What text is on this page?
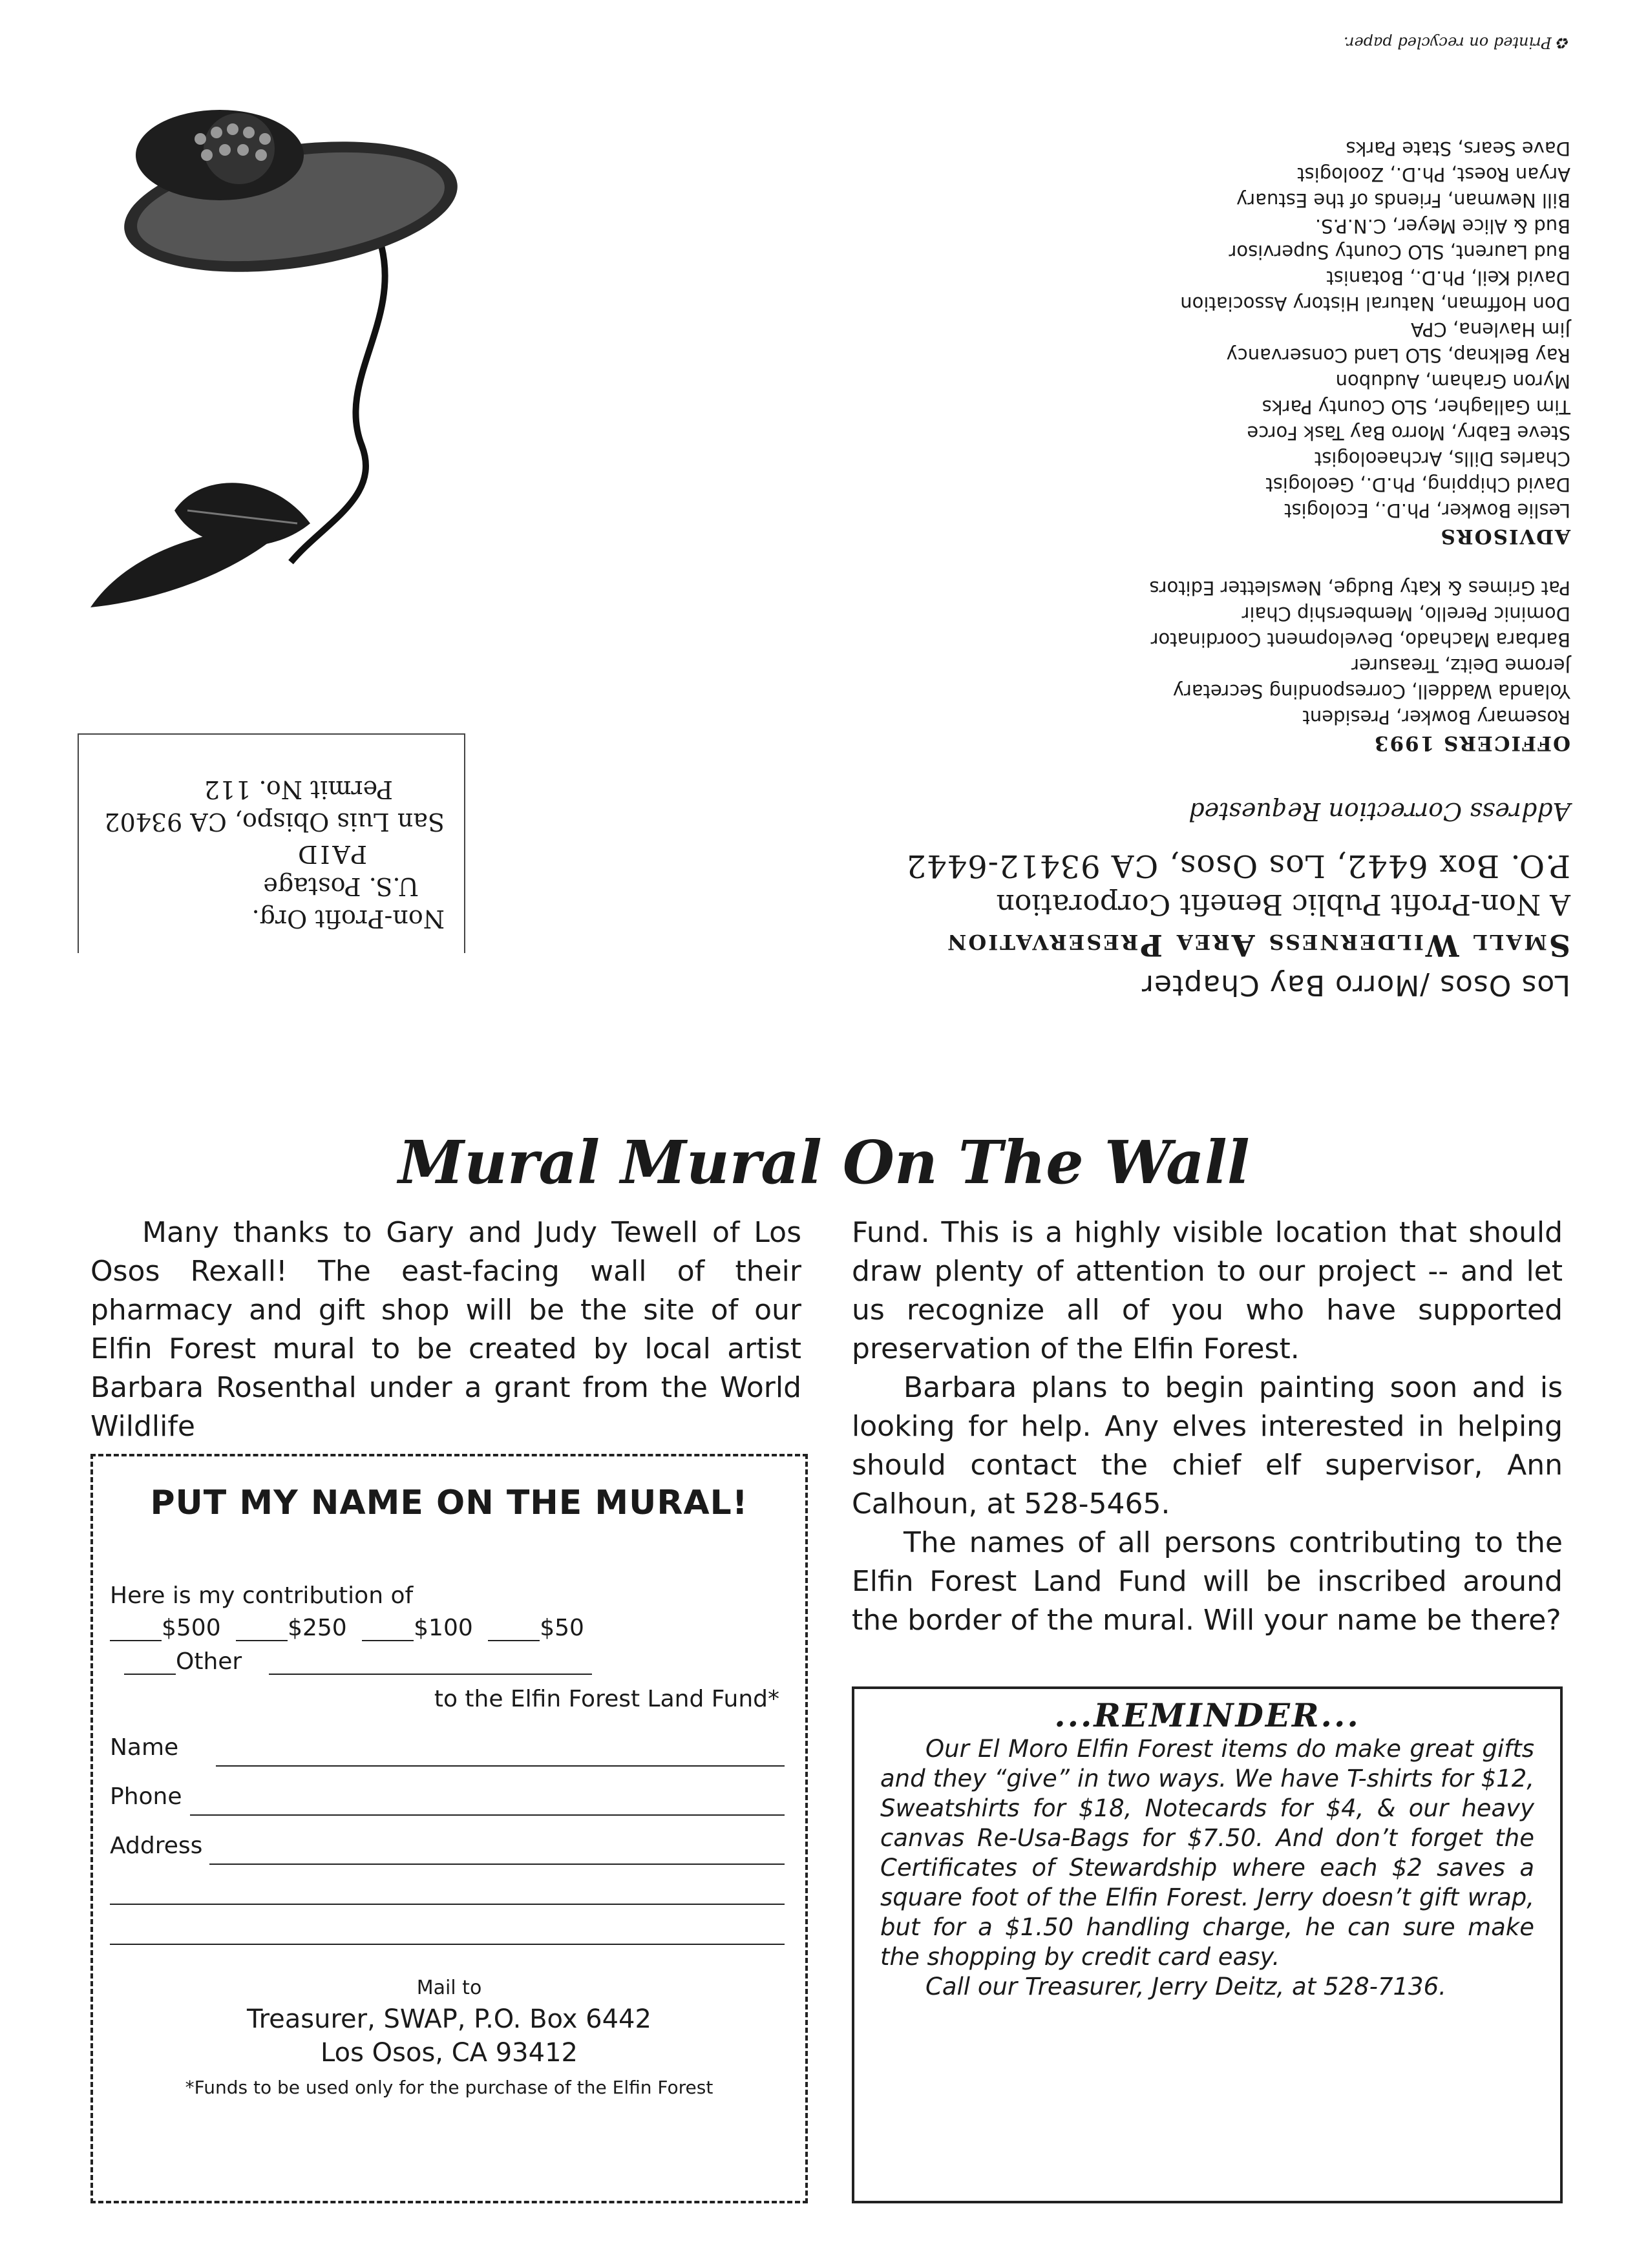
Los Osos /Morro Bay Chapter
Small Wilderness Area Preservation
A Non-Profit Public Benefit Corporation
P.O. Box 6442, Los Osos, CA 93412-6442
Address Correction Requested
OFFICERS 1993
Rosemary Bowker, President
Yolanda Waddell, Corresponding Secretary
Jerome Deitz, Treasurer
Barbara Machado, Development Coordinator
Dominic Perello, Membership Chair
Pat Grimes & Katy Budge, Newsletter Editors
ADVISORS
Leslie Bowker, Ph.D., Ecologist
David Chipping, Ph.D., Geologist
Charles Dills, Archaeologist
Steve Eabry, Morro Bay Task Force
Tim Gallagher, SLO County Parks
Myron Graham, Audubon
Ray Belknap, SLO Land Conservancy
Jim Havlena, CPA
Don Hoffman, Natural History Association
David Keil, Ph.D., Botanist
Bud Laurent, SLO County Supervisor
Bud & Alice Meyer, C.N.P.S.
Bill Newman, Friends of the Estuary
Aryan Roest, Ph.D., Zoologist
Dave Sears, State Parks
Non-Profit Org.
U.S. Postage
PAID
San Luis Obispo, CA 93402
Permit No. 112
♻ Printed on recycled paper.
Mural Mural On The Wall

Many thanks to Gary and Judy Tewell of Los Osos Rexall! The east-facing wall of their pharmacy and gift shop will be the site of our Elfin Forest mural to be created by local artist Barbara Rosenthal under a grant from the World Wildlife

Fund. This is a highly visible location that should draw plenty of attention to our project -- and let us recognize all of you who have supported preservation of the Elfin Forest.

Barbara plans to begin painting soon and is looking for help. Any elves interested in helping should contact the chief elf supervisor, Ann Calhoun, at 528-5465.

The names of all persons contributing to the Elfin Forest Land Fund will be inscribed around the border of the mural. Will your name be there?

PUT MY NAME ON THE MURAL!
Here is my contribution of
$500	$250	$100	$50
Other
to the Elfin Forest Land Fund*
Name
Phone
Address
Mail to
Treasurer, SWAP, P.O. Box 6442
Los Osos, CA 93412
*Funds to be used only for the purchase of the Elfin Forest
...REMINDER...

Our El Moro Elfin Forest items do make great gifts and they “give” in two ways. We have T-shirts for $12, Sweatshirts for $18, Notecards for $4, & our heavy canvas Re-Usa-Bags for $7.50. And don’t forget the Certificates of Stewardship where each $2 saves a square foot of the Elfin Forest. Jerry doesn’t gift wrap, but for a $1.50 handling charge, he can sure make the shopping by credit card easy.

Call our Treasurer, Jerry Deitz, at 528-7136.
